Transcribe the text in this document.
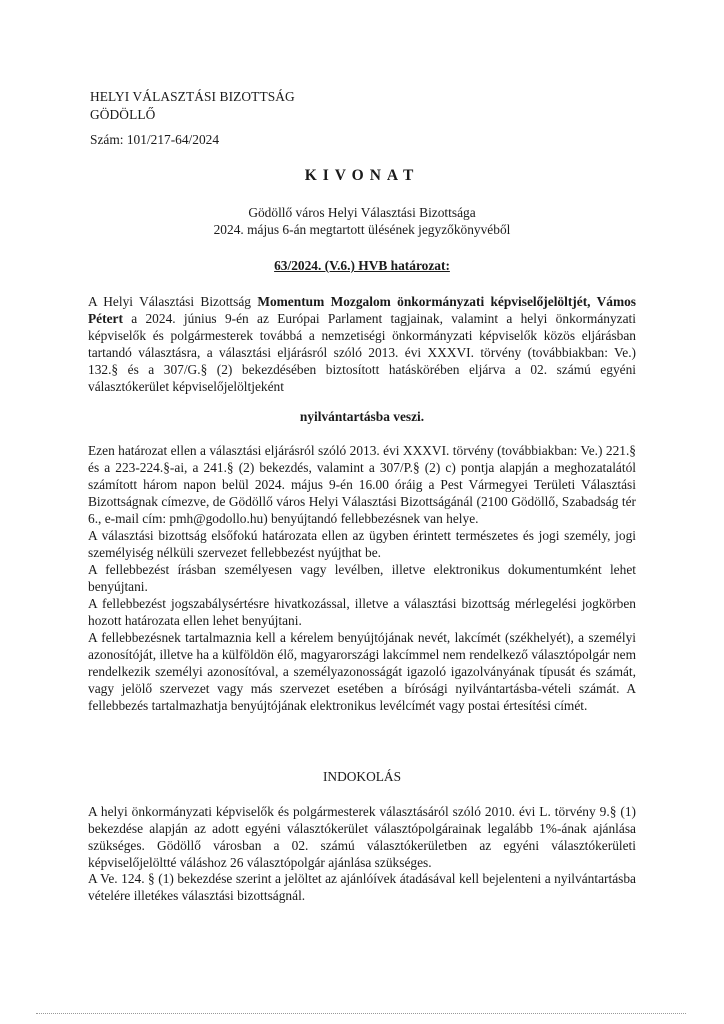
HELYI VÁLASZTÁSI BIZOTTSÁG
GÖDÖLLŐ
Szám: 101/217-64/2024
KIVONAT
Gödöllő város Helyi Választási Bizottsága
2024. május 6-án megtartott ülésének jegyzőkönyvéből
63/2024. (V.6.) HVB határozat:

A Helyi Választási Bizottság Momentum Mozgalom önkormányzati képviselőjelöltjét, Vámos Pétert a 2024. június 9-én az Európai Parlament tagjainak, valamint a helyi önkormányzati képviselők és polgármesterek továbbá a nemzetiségi önkormányzati képviselők közös eljárásban tartandó választásra, a választási eljárásról szóló 2013. évi XXXVI. törvény (továbbiakban: Ve.) 132.§ és a 307/G.§ (2) bekezdésében biztosított hatáskörében eljárva a 02. számú egyéni választókerület képviselőjelöltjeként

nyilvántartásba veszi.

Ezen határozat ellen a választási eljárásról szóló 2013. évi XXXVI. törvény (továbbiakban: Ve.) 221.§ és a 223-224.§-ai, a 241.§ (2) bekezdés, valamint a 307/P.§ (2) c) pontja alapján a meghozatalától számított három napon belül 2024. május 9-én 16.00 óráig a Pest Vármegyei Területi Választási Bizottságnak címezve, de Gödöllő város Helyi Választási Bizottságánál (2100 Gödöllő, Szabadság tér 6., e-mail cím: pmh@godollo.hu) benyújtandó fellebbezésnek van helye.

A választási bizottság elsőfokú határozata ellen az ügyben érintett természetes és jogi személy, jogi személyiség nélküli szervezet fellebbezést nyújthat be.

A fellebbezést írásban személyesen vagy levélben, illetve elektronikus dokumentumként lehet benyújtani.

A fellebbezést jogszabálysértésre hivatkozással, illetve a választási bizottság mérlegelési jogkörben hozott határozata ellen lehet benyújtani.

A fellebbezésnek tartalmaznia kell a kérelem benyújtójának nevét, lakcímét (székhelyét), a személyi azonosítóját, illetve ha a külföldön élő, magyarországi lakcímmel nem rendelkező választópolgár nem rendelkezik személyi azonosítóval, a személyazonosságát igazoló igazolványának típusát és számát, vagy jelölő szervezet vagy más szervezet esetében a bírósági nyilvántartásba-vételi számát. A fellebbezés tartalmazhatja benyújtójának elektronikus levélcímét vagy postai értesítési címét.

INDOKOLÁS
A helyi önkormányzati képviselők és polgármesterek választásáról szóló 2010. évi L. törvény 9.§ (1) bekezdése alapján az adott egyéni választókerület választópolgárainak legalább 1%-ának ajánlása szükséges. Gödöllő városban a 02. számú választókerületben az egyéni választókerületi képviselőjelöltté váláshoz 26 választópolgár ajánlása szükséges.
A Ve. 124. § (1) bekezdése szerint a jelöltet az ajánlóívek átadásával kell bejelenteni a nyilvántartásba vételére illetékes választási bizottságnál.
